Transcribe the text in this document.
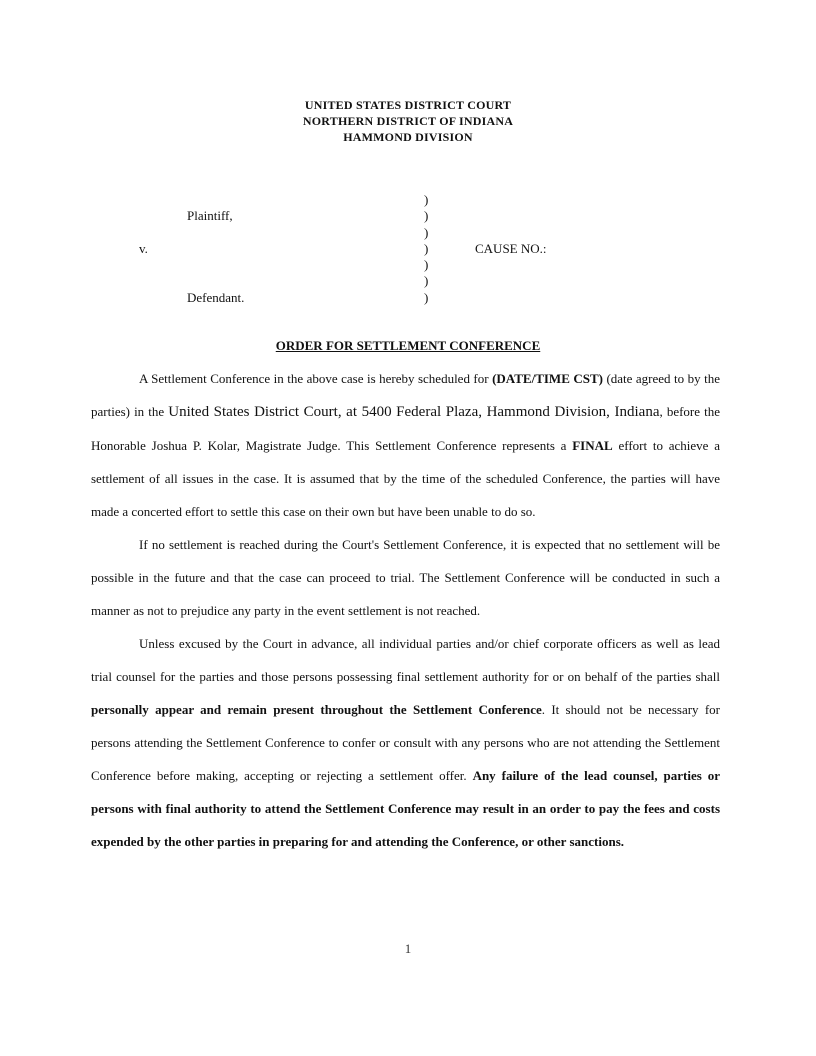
UNITED STATES DISTRICT COURT
NORTHERN DISTRICT OF INDIANA
HAMMOND DIVISION
Plaintiff,
v.
Defendant.
)
)
)
)
)
)
)
CAUSE NO.:
ORDER FOR SETTLEMENT CONFERENCE

A Settlement Conference in the above case is hereby scheduled for (DATE/TIME CST) (date agreed to by the parties) in the United States District Court, at 5400 Federal Plaza, Hammond Division, Indiana, before the Honorable Joshua P. Kolar, Magistrate Judge. This Settlement Conference represents a FINAL effort to achieve a settlement of all issues in the case. It is assumed that by the time of the scheduled Conference, the parties will have made a concerted effort to settle this case on their own but have been unable to do so.

If no settlement is reached during the Court's Settlement Conference, it is expected that no settlement will be possible in the future and that the case can proceed to trial. The Settlement Conference will be conducted in such a manner as not to prejudice any party in the event settlement is not reached.

Unless excused by the Court in advance, all individual parties and/or chief corporate officers as well as lead trial counsel for the parties and those persons possessing final settlement authority for or on behalf of the parties shall personally appear and remain present throughout the Settlement Conference. It should not be necessary for persons attending the Settlement Conference to confer or consult with any persons who are not attending the Settlement Conference before making, accepting or rejecting a settlement offer. Any failure of the lead counsel, parties or persons with final authority to attend the Settlement Conference may result in an order to pay the fees and costs expended by the other parties in preparing for and attending the Conference, or other sanctions.

1
